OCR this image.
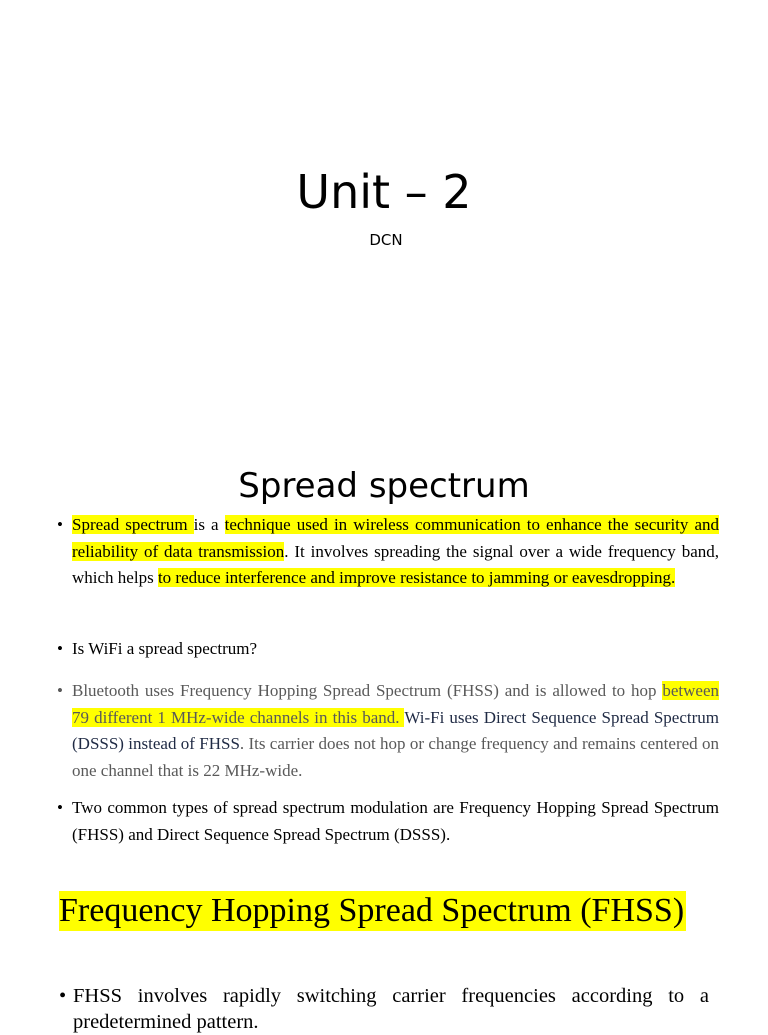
Unit – 2

DCN

Spread spectrum
• Spread spectrum is a technique used in wireless communication to enhance the security and reliability of data transmission. It involves spreading the signal over a wide frequency band, which helps to reduce interference and improve resistance to jamming or eavesdropping.
• Is WiFi a spread spectrum?
• Bluetooth uses Frequency Hopping Spread Spectrum (FHSS) and is allowed to hop between 79 different 1 MHz-wide channels in this band. Wi-Fi uses Direct Sequence Spread Spectrum (DSSS) instead of FHSS. Its carrier does not hop or change frequency and remains centered on one channel that is 22 MHz-wide.
• Two common types of spread spectrum modulation are Frequency Hopping Spread Spectrum (FHSS) and Direct Sequence Spread Spectrum (DSSS).
Frequency Hopping Spread Spectrum (FHSS)
• FHSS involves rapidly switching carrier frequencies according to a predetermined pattern.
